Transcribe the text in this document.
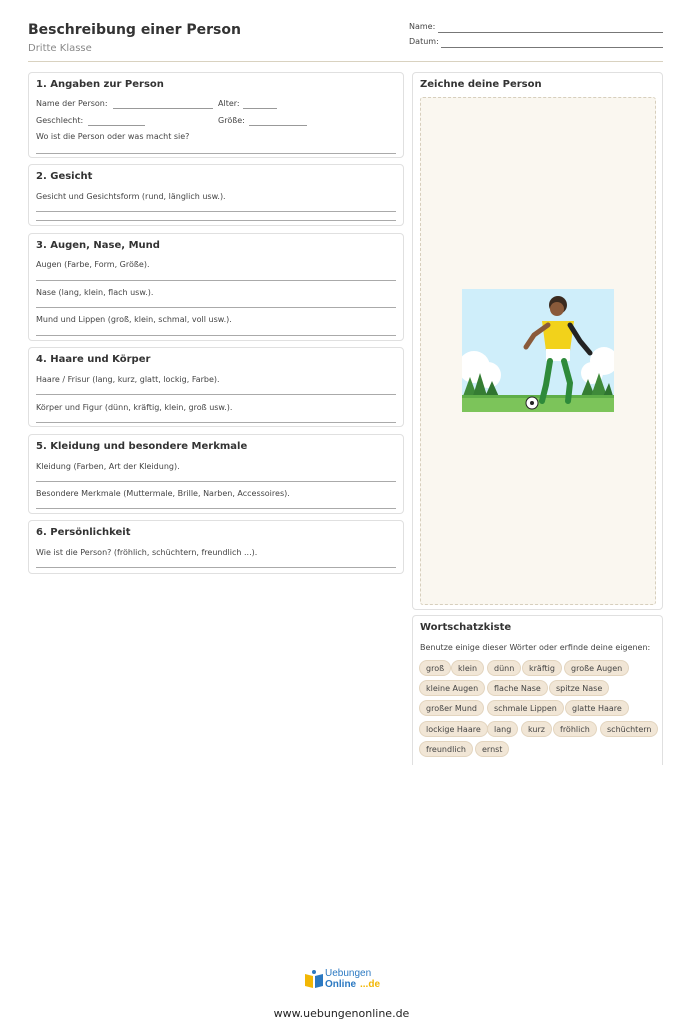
Beschreibung einer Person
Dritte Klasse
Name:
Datum:
1. Angaben zur Person
Name der Person:	Alter:
Geschlecht:	Größe:
Wo ist die Person oder was macht sie?
2. Gesicht
Gesicht und Gesichtsform (rund, länglich usw.).
3. Augen, Nase, Mund
Augen (Farbe, Form, Größe).
Nase (lang, klein, flach usw.).
Mund und Lippen (groß, klein, schmal, voll usw.).
4. Haare und Körper
Haare / Frisur (lang, kurz, glatt, lockig, Farbe).
Körper und Figur (dünn, kräftig, klein, groß usw.).
5. Kleidung und besondere Merkmale
Kleidung (Farben, Art der Kleidung).
Besondere Merkmale (Muttermale, Brille, Narben, Accessoires).
6. Persönlichkeit
Wie ist die Person? (fröhlich, schüchtern, freundlich ...).
Zeichne deine Person
Wortschatzkiste
Benutze einige dieser Wörter oder erfinde deine eigenen:
groß	klein	dünn	kräftig	große Augen
kleine Augen	flache Nase	spitze Nase
großer Mund	schmale Lippen	glatte Haare
lockige Haare	lang	kurz	fröhlich	schüchtern
freundlich	ernst
Uebungen
Online ...de
www.uebungenonline.de
